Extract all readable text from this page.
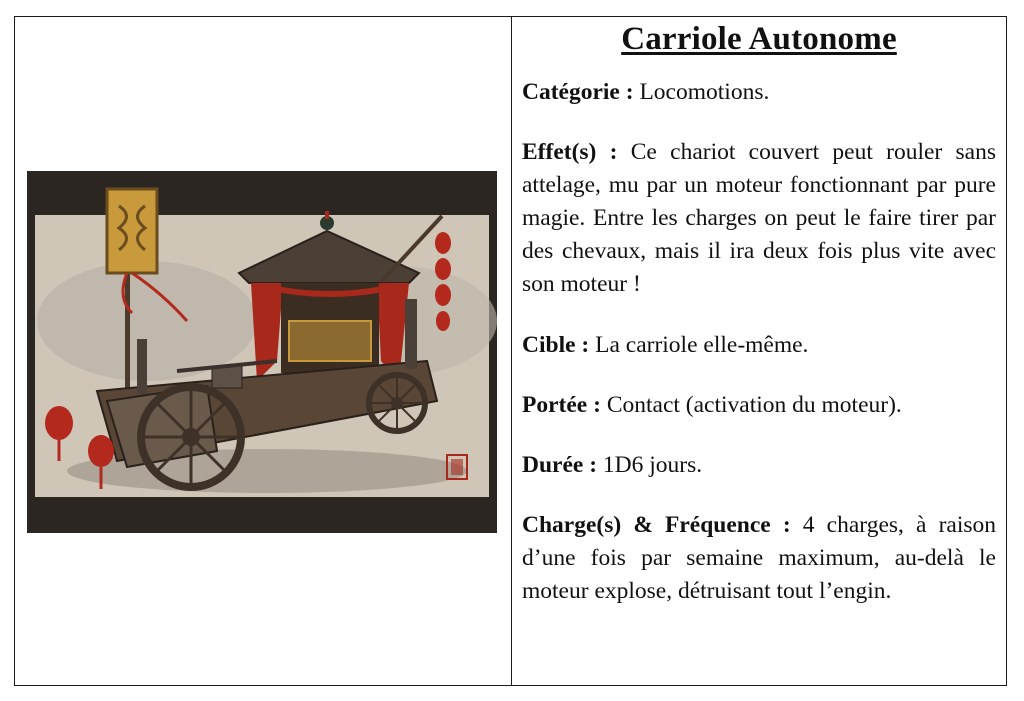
Carriole Autonome

Catégorie : Locomotions.

Effet(s) : Ce chariot couvert peut rouler sans attelage, mu par un moteur fonctionnant par pure magie. Entre les charges on peut le faire tirer par des chevaux, mais il ira deux fois plus vite avec son moteur !

Cible : La carriole elle-même.

Portée : Contact (activation du moteur).

Durée : 1D6 jours.

Charge(s) & Fréquence : 4 charges, à raison d’une fois par semaine maximum, au-delà le moteur explose, détruisant tout l’engin.
